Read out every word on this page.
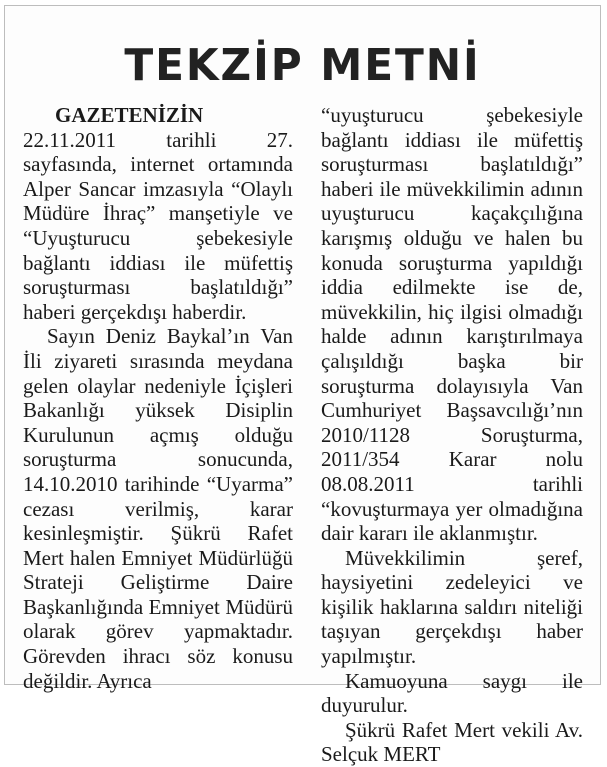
TEKZİP METNİ

GAZETENİZİN 22.11.2011 tarihli 27. sayfasında, internet ortamında Alper Sancar imzasıyla “Olaylı Müdüre İhraç” manşetiyle ve “Uyuşturucu şebekesiyle bağlantı iddiası ile müfettiş soruşturması başlatıldığı” haberi gerçekdışı haberdir.

Sayın Deniz Baykal’ın Van İli ziyareti sırasında meydana gelen olaylar nedeniyle İçişleri Bakanlığı yüksek Disiplin Kurulunun açmış olduğu soruşturma sonucunda, 14.10.2010 tarihinde “Uyarma” cezası verilmiş, karar kesinleşmiştir. Şükrü Rafet Mert halen Emniyet Müdürlüğü Strateji Geliştirme Daire Başkanlığında Emniyet Müdürü olarak görev yapmaktadır. Görevden ihracı söz konusu değildir. Ayrıca

“uyuşturucu şebekesiyle bağlantı iddiası ile müfettiş soruşturması başlatıldığı” haberi ile müvekkilimin adının uyuşturucu kaçakçılığına karışmış olduğu ve halen bu konuda soruşturma yapıldığı iddia edilmekte ise de, müvekkilin, hiç ilgisi olmadığı halde adının karıştırılmaya çalışıldığı başka bir soruşturma dolayısıyla Van Cumhuriyet Başsavcılığı’nın 2010/1128 Soruşturma, 2011/354 Karar nolu 08.08.2011 tarihli “kovuşturmaya yer olmadığına dair kararı ile aklanmıştır.

Müvekkilimin şeref, haysiyetini zedeleyici ve kişilik haklarına saldırı niteliği taşıyan gerçekdışı haber yapılmıştır.

Kamuoyuna saygı ile duyurulur.

Şükrü Rafet Mert vekili Av. Selçuk MERT
